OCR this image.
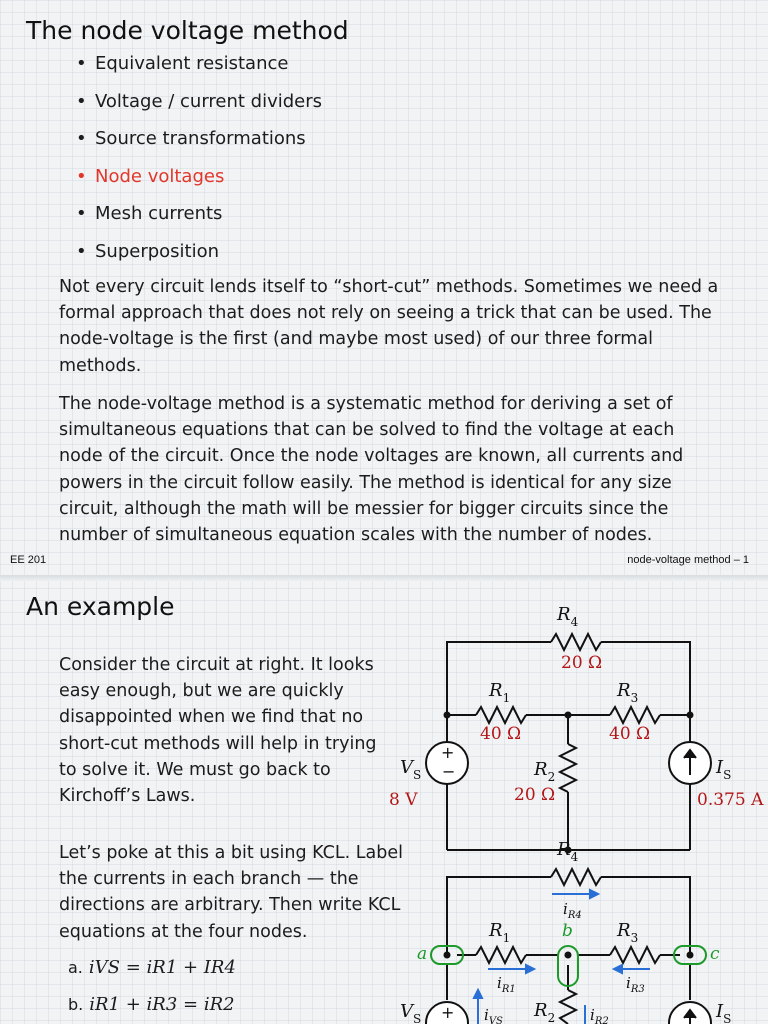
The node voltage method
• Equivalent resistance
• Voltage / current dividers
• Source transformations
• Node voltages
• Mesh currents
• Superposition

Not every circuit lends itself to “short-cut” methods. Sometimes we need a formal approach that does not rely on seeing a trick that can be used. The node-voltage is the first (and maybe most used) of our three formal methods.

The node-voltage method is a systematic method for deriving a set of simultaneous equations that can be solved to find the voltage at each node of the circuit. Once the node voltages are known, all currents and powers in the circuit follow easily. The method is identical for any size circuit, although the math will be messier for bigger circuits since the number of simultaneous equation scales with the number of nodes.

EE 201	node-voltage method – 1
An example

Consider the circuit at right. It looks easy enough, but we are quickly disappointed when we find that no short-cut methods will help in trying to solve it. We must go back to Kirchoff’s Laws.

Let’s poke at this a bit using KCL. Label the currents in each branch — the directions are arbitrary. Then write KCL equations at the four nodes.

a. iVS = iR1 + IR4
b. iR1 + iR3 = iR2
+
−
$R_4$
20 Ω
$R_1$
40 Ω
$R_3$
40 Ω
$R_2$
20 Ω
$V_S$
8 V
$I_S$
0.375 A
+
a
b
c
$R_4$
$R_1$	$R_3$
$R_2$
$V_S$	$I_S$
$i_{R4}$
$i_{R1}$	$i_{R3}$
$i_{R2}$
$i_{VS}$
